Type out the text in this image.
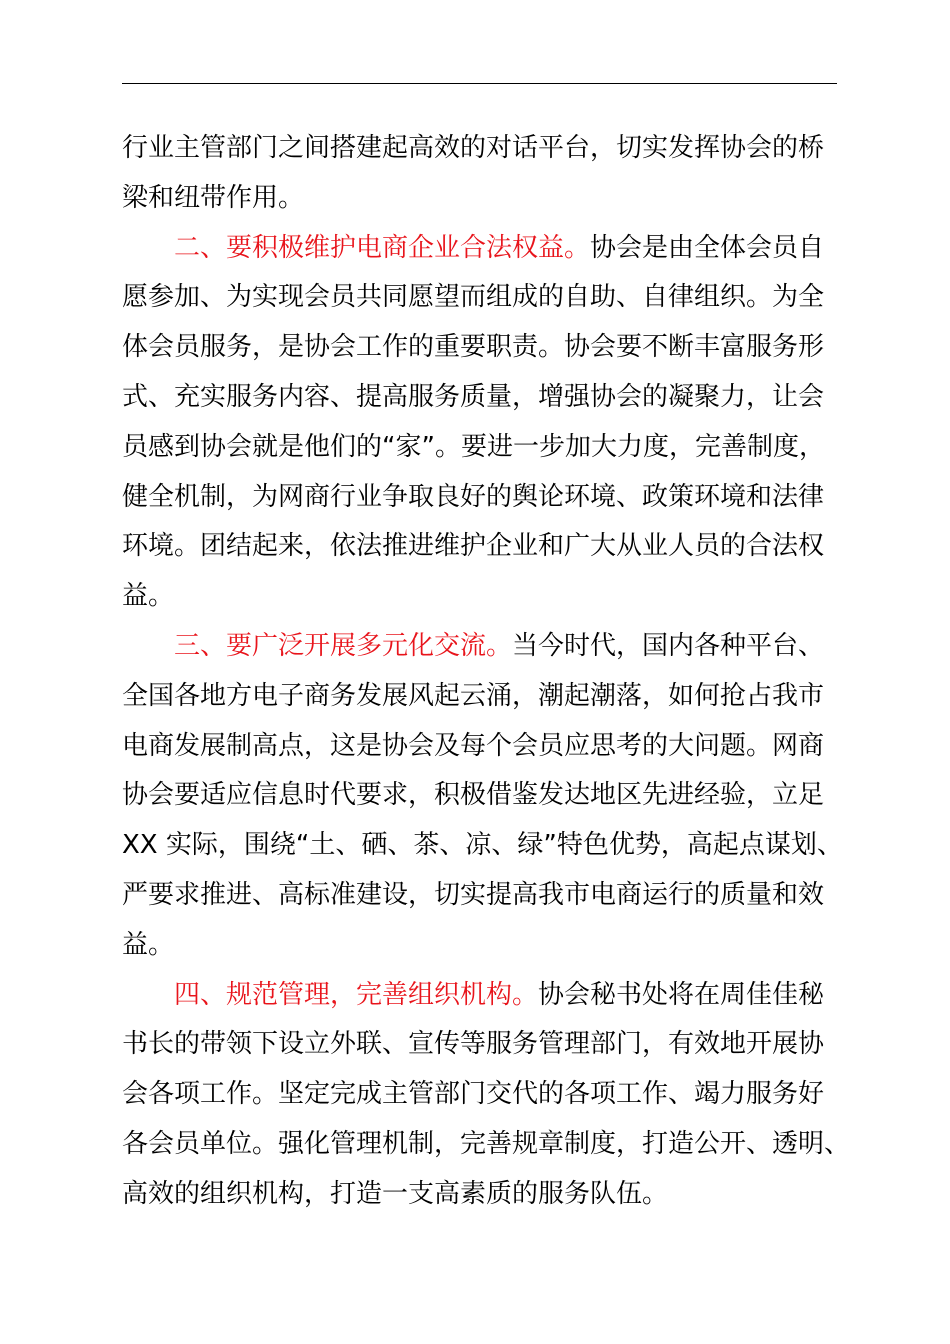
行业主管部门之间搭建起高效的对话平台，切实发挥协会的桥
梁和纽带作用。

二、要积极维护电商企业合法权益。协会是由全体会员自
愿参加、为实现会员共同愿望而组成的自助、自律组织。为全
体会员服务，是协会工作的重要职责。协会要不断丰富服务形
式、充实服务内容、提高服务质量，增强协会的凝聚力，让会
员感到协会就是他们的“家”。要进一步加大力度，完善制度，
健全机制，为网商行业争取良好的舆论环境、政策环境和法律
环境。团结起来，依法推进维护企业和广大从业人员的合法权
益。

三、要广泛开展多元化交流。当今时代，国内各种平台、
全国各地方电子商务发展风起云涌，潮起潮落，如何抢占我市
电商发展制高点，这是协会及每个会员应思考的大问题。网商
协会要适应信息时代要求，积极借鉴发达地区先进经验，立足
XX 实际，围绕“土、硒、茶、凉、绿”特色优势，高起点谋划、
严要求推进、高标准建设，切实提高我市电商运行的质量和效
益。

四、规范管理，完善组织机构。协会秘书处将在周佳佳秘
书长的带领下设立外联、宣传等服务管理部门，有效地开展协
会各项工作。坚定完成主管部门交代的各项工作、竭力服务好
各会员单位。强化管理机制，完善规章制度，打造公开、透明、
高效的组织机构，打造一支高素质的服务队伍。
